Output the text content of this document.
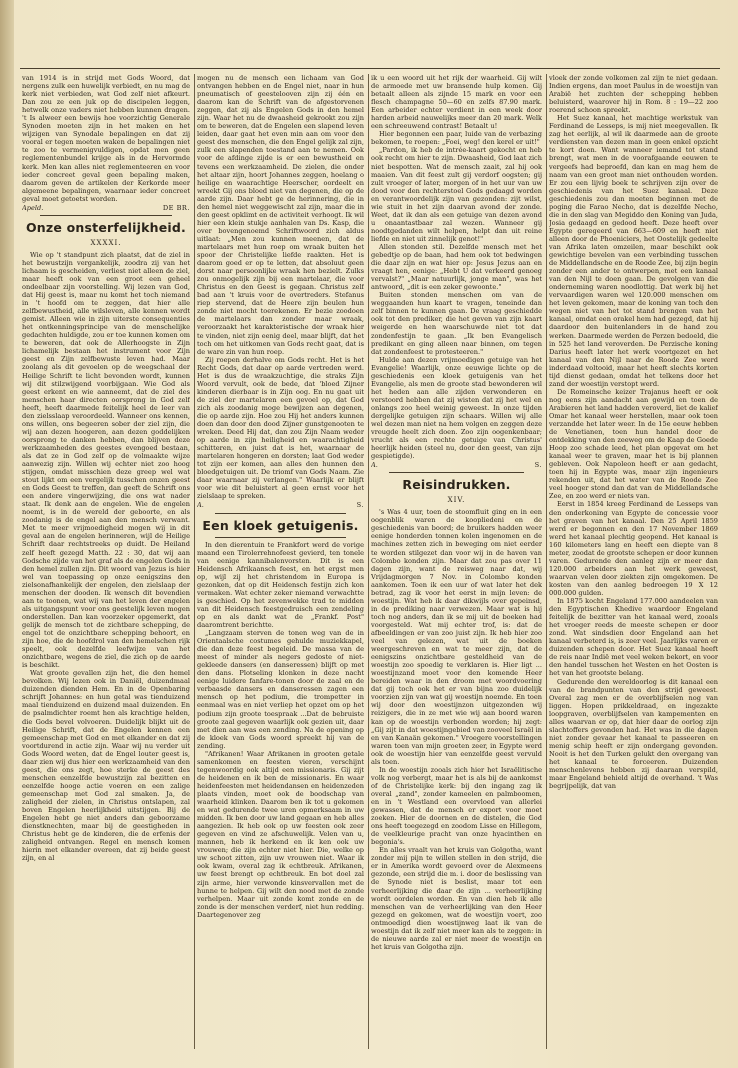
van 1914 is in strijd met Gods Woord, dat nergens zulk een huwelijk verbiedt, en nu mag de kerk niet verbieden, wat God zelf niet afkeurt. Dan zou ze een juk op de discipelen leggen, hetwelk onze vaders niet hebben kunnen dragen. 't Is alweer een bewijs hoe voorzichtig Generale Synoden moeten zijn in het maken en het wijzigen van Synodale bepalingen en dat zij vooral er tegen moeten waken de bepalingen niet te zoo te vermenigvuldigen, opdat men geen reglementenbundel krijge als in de Hervormde kerk. Men kan alles niet reglementeeren en voor ieder concreet geval geen bepaling maken, daarom geven de artikelen der Kerkorde meer algemeene bepalingen, waarnaar ieder concreet geval moet getoetst worden.

Apeld.	DE BR.
Onze onsterfelijkheid.
XXXXI.

Wie op 't standpunt zich plaatst, dat de ziel in het bewustzijn vergankelijk, zoodra zij van het lichaam is gescheiden, verliest niet alleen de ziel, maar heeft ook van een groot een geheel ondeelbaar zijn voorstelling. Wij lezen van God, dat Hij geest is, maar nu komt het toch niemand in 't hoofd om te zeggen, dat hier alle zelfbewustheid, alle wilsleven, alle kennen wordt gemist. Alleen wie in zijn uiterste consequenties het ontkenningsprincipe van de menschelijke gedachten huldigde, zou er toe kunnen komen om te beweren, dat ook de Allerhoogste in Zijn lichamelijk bestaan het instrument voor Zijn geest en Zijn zelfbewuste leven had. Maar zoolang als dit gevoelen op de weegschaal der Heilige Schrift te licht bevonden wordt, kunnen wij dit stilzwijgend voorbijgaan. Wie God als geest erkent en wie aanneemt, dat de ziel des menschen haar directen oorsprong in God zelf heeft, heeft daarmede feitelijk heel de leer van den zielsslaap veroordeeld. Wanneer ons kennen, ons willen, ons begeeren sober der ziel zijn, die wij aan dezen hoogeren, aan dezen goddelijken oorsprong te danken hebben, dan blijven deze werkzaamheden des geestes evengoed bestaan, als dat ze in God zelf op de volmaakte wijze aanwezig zijn. Willen wij echter niet zoo hoog stijgen, omdat misschien deze greep wel wat stout lijkt om een vergelijk tusschen onzen geest en Gods Geest te treffen, dan geeft de Schrift ons een andere vingerwijzing, die ons wat nader staat. Ik denk aan de engelen. Wie de engelen noemt, is in de wereld der geboorte, en als zoodanig is de engel aan den mensch verwant. Met te meer vrijmoedigheid mogen wij in dit geval aan de engelen herinneren, wijl de Heilige Schrift daar rechtstreeks op duidt. De Heiland zelf heeft gezegd Matth. 22 : 30, dat wij aan Godsche zijde van het graf als de engelen Gods in den hemel zullen zijn. Dit woord van Jezus is hier wel van toepassing op onze eenigszins den zielsonafhankelijk der engelen, den zielslaap der menschen der dooden. Ik wensch dit bovendien aan te toonen, wat wij van het leven der engelen als uitgangspunt voor ons geestelijk leven mogen onderstellen. Dan kan voorzeker opgemerkt, dat gelijk de mensch tot de zichtbare schepping, de engel tot de onzichtbare schepping behoort, en zijn hoe, die de hoofdrol van den hemelschen rijk speelt, ook dezelfde leefwijze van het onzichtbare, wegens de ziel, die zich op de aarde is beschikt.

Wat groote gevallen zijn het, die den hemel bevolken. Wij lezen ook in Daniël, duizendmaal duizenden dienden Hem. En in de Openbaring schrijft Johannes: en hun getal was tienduizend maal tienduizend en duizend maal duizenden. En de psalmdichter roemt hen als krachtige helden, die Gods bevel volvoeren. Duidelijk blijkt uit de Heilige Schrift, dat de Engelen kennen een gemeenschap met God en met elkander en dat zij voortdurend in actie zijn. Waar wij nu verder uit Gods Woord weten, dat de Engel louter geest is, daar zien wij dus hier een werkzaamheid van den geest, die ons zegt, hoe sterke de geest des menschen eenzelfde bewustzijn zal bezitten en eenzelfde hooge actie voeren en een zalige gemeenschap met God zal smaken. Ja, de zaligheid der zielen, in Christus ontslapen, zal boven Engelen heerlijkheid uitstijgen. Bij de Engelen hebt ge niet anders dan geboorzame dienstknechten, maar bij de geestigheden in Christus hebt ge de kinderen, die de erfenis der zaligheid ontvangen. Regel en mensch komen hierin met elkander overeen, dat zij beide geest zijn, en al

mogen nu de mensch een lichaam van God ontvangen hebben en de Engel niet, naar in hun pneumatisch of geestelooven zijn zij één en daarom kan de Schrift van de afgestorvenen zeggen, dat zij als Engelen Gods in den hemel zijn. Waar het nu de dwaasheid gekrookt zou zijn om te beweren, dat de Engelen een slapend leven leiden, daar gaat het even min aan om voor den geest des menschen, die den Engel gelijk zal zijn, zulk een slapenden toestand aan te nemen. Ook voor de afdinge zijde is er een bewustheid en tevens een werkzaamheid. De zielen, die onder het altaar zijn, hoort Johannes zeggen, hoelang o heilige en waarachtige Heerscher, oordeelt en wreekt Gij ons bloed niet van degenen, die op de aarde zijn. Daar hebt ge de herinnering, die in den hemel niet weggewischt zal zijn, maar die in den geest opklimt en de activiteit verhoogt. Ik wil hier een klein stukje aanhalen van Ds. Kasp, die over bovengenoemd Schriftwoord zich aldus uitlaat: „Men zou kunnen meenen, dat de martelaars met hun roep om wraak buiten het spoor der Christelijke liefde raakten. Het is daarom goed er op te letten, dat absoluut geen dorst naar persoonlijke wraak hen bezielt. Zulks zou onmogelijk zijn bij een martelaar, die voor Christus en den Geest is gegaan. Christus zelf bad aan 't kruis voor de overtreders. Stefanus riep stervend, dat de Heere zijn beulen hun zonde niet mocht toerekenen. Er bezie zoodoen de martelaars dan zonder maar wraak, veroorzaakt het karakteristische der wraak hier te vinden, niet zijn eenig deel, maar blijft, dat het toch om het uitkomen van Gods recht gaat, dat is de ware zin van hun roep.

Zij roepen derhalve om Gods recht. Het is het Recht Gods, dat daar op aarde vertreden werd. Het is dus de wraakzuchtige, die straks Zijn Woord vervult, ook de bede, dat 'bloed Zijner kinderen dierbaar is in Zijn oog. En nu gaat uit de ziel der martelaren een gevoel op, dat God zich als zoodanig moge bewijzen aan degenen, die op aarde zijn. Hoe zou Hij het anders kunnen doen dan door den dood Zijner gunstgenooten te wreken. Deed Hij dat, dan zou Zijn Naam weder op aarde in zijn heiligheid en waarachtigheid schitteren, en juist dat is het, waarnaar de martelaren hongeren en dorsten; laat God weder tot zijn eer komen, aan alles den hunnen den bloedgetuigen uit. De triomf van Gods Naam. Zie daar waarnaar zij verlangen." Waarlijk er blijft voor wie dit beluistert al geen ernst voor het zielslaap te spreken.

A.	S.
Een kloek getuigenis.

In den dierentuin te Frankfort werd de vorige maand een Tirolerrehnofeest gevierd, ten tonele van eenige kannibalenvorsten. Dit is een Heidensch Afrikaansch feest, en het ergst men op, wijl zij het christendom in Europa is gezonken, dat op dit Heidensch festijn zich kon vermaken. Wat echter zeker niemand verwachtte is geschied. Op het zevenwekke trad te midden van dit Heidensch feestgedruisch een zendeling op en als dankt wat de „Frankf. Post" daaromtrent berichtte.

„Langzaam sterven de tonen weg van de in Orientaalsche costumes gehulde muziekkapel, die dan deze feest begeleid. De massa van de meest of minder als negers gedoste of niet-gekleede dansers (en danseressen) blijft op met den dans. Plotseling klonken in deze nacht eenige luidere fanfare-tonen door de zaal en de verbaasde dansers en danseressen zagen een mensch op het podium, die trompetter in eenmaal was en niet verliep het opzet om op het podium zijn groote toespraak ...Dat de bebruiste groote zaal gegeven waarlijk ook gezien uit, daar met dien aan was een zending. Na de opening op de kloek van Gods woord spreekt hij van de zending.

"Afrikanen! Waar Afrikanen in grooten getale samenkomen en feesten vieren, verschijnt tegenwoordig ook altijd een missionaris. Gij zijt de heidenen en ik ben de missionaris. En waar heidenfeesten met heidendansen en heidenzeden plaats vinden, moet ook de boodschap van waarheid klinken. Daarom ben ik tot u gekomen en wat gedurende twee uren opmerksaam in uw midden. Ik ben door uw land gegaan en heb alles aangezien. Ik heb ook op uw feesten ook zeer gegeven en vind ze afschuwelijk. Velen van u, mannen, heb ik herkend en ik ken ook uw vrouwen; die zijn echter niet hier. Die, welke op uw schoot zitten, zijn uw vrouwen niet. Waar ik ook kwam, overal zag ik echtbreuk. Afrikanen, uw feest brengt op echtbreuk. En bot doel zal zijn arme, hier verwonde kinsvervallen met de hunne te helpen. Gij wilt den nood met de zonde verhelpen. Maar uit zonde komt zonde en de zonde is der menschen verderf, niet hun redding. Daartegenover zeg

ik u een woord uit het rijk der waarheid. Gij wilt de armoede met uw bransende hulp komen. Gij betaalt alleen als zijnde 15 mark en voor een flesch champagne 50—60 en zelfs 87.90 mark. Een arbeider echter verdient in een week door harden arbeid nauwelijks meer dan 20 mark. Welk een schreeuwend contrast! Betaalt u!

Hier begonnen een paar, luide van de verbazing bekomen, te roepen: „Foei, weg! den kerel er uit!"

„Pardon, ik heb de intrée-kaart gekocht en heb ook recht om hier te zijn. Dwaasheid, God laat zich niet bespotten. Wat de mensch zaait, zal hij ook maaien. Van dit feest zult gij verdorf oogsten; gij zult vroeger of later, morgen of in het uur van uw dood voor den rechterstoel Gods gedaagd worden en verantwoordelijk zijn van gezonden: zijt wilst, wie stuit in het zijn daarvan avond der zonde. Weet, dat ik dan als een getuige van dezen avond u onaantastbaar zal wezen. Wanneer gij noodtgedanden wilt helpen, helpt dan uit reine liefde en niet uit zinnelijk genot!"

Allen stonden stil. Dezelfde mensch met het gebedtje op de baan, had hem ook tot bedwingen die daar zijn en wat hier op: Jesus Jezus aan en vraagt hen, eenige: „Hebt U dat verkeerd genoeg vervalst?" „Maar natuurlijk, jonge man", was het antwoord, „dit is een zeker gewoonte."

Buiten stonden menschen om van de weggaanden hun kaart te vragen, teneinde dan zelf binnen te kunnen gaan. De vraag geschiedde ook tot den prediker, die het geven van zijn kaart weigerde en hen waarschuwde niet tot dat zondenfestijn te gaan. „Ik ben Evangelisch predikant en ging alleen naar binnen, om tegen dat zondenfeest te protesteeren."

Hulde aan dezen vrijmoedigen getuige van het Evangelie! Waarlijk, onze eeuwige lichte op de geschiedenis een kloek getuigenis van het Evangelie, als men de groote stad bewonderen wil het heden aan alle zijden verwonderen en verstoord hebben dat zij wisten dat zij het wel en onlangs zoo heel weinig geweest. In onze tijden dergelijke getuigen zijn schaars. Willen wij alle wel dezen man niet na hem volgen en zeggen deze vreugde heelt zich doen. Zoo zijn oogenkenbaar; vrucht als een rechte getuige van Christus' heerlijk heiden (steel nu, door den geest, van zijn gespietigde).

A.	S.
Reisindrukken.
XIV.

's Was 4 uur, toen de stoomfluit ging en in een oogenblik waren de koopliedeni en de geschiedenis van boord; de bruikers hadden weer eenige honderden tonnen kolen ingenomen en de machines zetten zich in beweging om niet eerder te worden stilgezet dan voor wij in de haven van Colombo konden zijn. Maar dat zou pas over 11 dagen zijn, want de reisweg naar dat, wij Vrijdagmorgen 7 Nov. in Colombo konden aankomen. Toen ik een uur of wat later het dek betrad, zag ik voor het eerst in mijn leven: de woestijn. Wat heb ik daar dikwijls over gepeinsd, in de prediking naar verwezen. Maar wat is hij toch nog anders, dan ik se mij uit de boeken had voorgesteld. Wat mij echter trof, is: dat de afbeeldingen er van zoo juist zijn. Ik heb hier zoo veel van gelezen, wat uit de boeken weergeschreven en wat te meer zijn, dat de eenigszins onzichtbare gesteldheid van de woestijn zoo spoedig te verklaren is. Hier ligt ... woestijnzand moet voor den komende Heer bereiden waar in den droom met woordvoering dat gij toch ook het er van bijna zoo duidelijk voorzien zijn van wat gij woestijn noemde. En toen wij door den woestijnzon uitgezonden wij reizigers, die in ze met wie wij aan boord waren kan op de woestijn verbonden worden; hij zegt: „Gij zijt in dat woestijngebied van zooveel Israël in en van Kanaän gekomen." Vroegere voorstellingen waren toen van mijn groeten zeer, in Egypte werd ook de woestijn hier van eenzelfde geest vervuld als toen.

In de woestijn zooals zich hier het Israëlitische volk nog verbergt, maar het is als bij de aankomst of de Christelijke kerk: bij den ingang zag ik overal „zand", zonder kameelen en palmboomen, en in 't Westland een overvloed van allerlei gewassen, dat de mensch er export voor moet zoeken. Hier de doornen en de distelen, die God ons heeft toegezegd en zoodom Lisse en Hillegom, de veelkleurige pracht van onze hyacinthen en begonia's.

En alles vraalt van het kruis van Golgotha, want zonder mij pijn te willen stellen in den strijd, die er in Amerika wordt gevoerd over de Alexmeens gezonde, een strijd die m. i. door de beslissing van de Synode niet is beslist, maar tot een verheerlijking die daar de zijn ... verheerlijking wordt oordelen worden. En van dien heb ik alle menschen van de verheerlijking van den Heer gezegd en gekomen, wat de woestijn voert, zoo ontmoedigd dien woestijnweg laat ik van de woestijn dat ik zelf niet meer kan als te zeggen: in de nieuwe aarde zal er niet meer de woestijn en het kruis van Golgotha zijn.

vloek der zonde volkomen zal zijn te niet gedaan. Indien ergens, dan moet Paulus in de woestijn van Arabië het zuchten der schepping hebben beluisterd, waarover hij in Rom. 8 : 19—22 zoo roerend schoon spreekt.

Het Suez kanaal, het machtige werkstuk van Ferdinand de Lesseps, is mij niet meegevallen. Ik zag het eerlijk, al wil ik daarmede aan de groote verdiensten van dezen man in geen enkel opzicht te kort doen. Want wanneer iemand tot stand brengt, wat men in de voorafgaande eeuwen te vergeefs had beproefd, dan kan en mag hem de naam van een groot man niet onthouden worden. Er zou een lijvig boek te schrijven zijn over de geschiedenis van het Suez kanaal. Deze geschiedenis zou dan moeten beginnen met de poging die Farao Necho, dat is dezelfde Necho, die in den slag van Megiddo den Koning van Juda, Josia gedaagd en gedood heeft. Deze heeft over Egypte geregeerd van 663—609 en heeft niet alleen door de Phoeniciers, het Oostelijk gedeelte van Afrika laten omzeilen, maar beschikt ook gewichtige bevelen van een verbinding tusschen de Middellandsche en de Roode Zee, bij zijn begin zonder een ander te ontwerpen, met een kanaal van den Nijl te doen gaan. De gevolgen van die onderneming waren noodlottig. Dat werk bij het vervaardigen waren wel 120.000 menschen om het leven gekomen, maar de koning van toch den wegen niet van het tot stand brengen van het kanaal, omdat een orakel hem had gezegd, dat hij daardoor den buitenlanders in de hand zou werken. Daarmede werden de Perzen bedoeld, die in 525 het land veroverden. De Perzische koning Darius heeft later het werk voortgezet en het kanaal van den Nijl naar de Roode Zee werd inderdaad voltooid, maar het heeft slechts korten tijd dienst gedaan, omdat het telkens door het zand der woestijn verstopt werd.

De Romeinsche keizer Trajanus heeft er ook nog eens zijn aandacht aan gewijd en toen de Arabieren het land hadden veroverd, liet de kalief Omar het kanaal weer herstellen, maar ook toen verzandde het later weer. In de 15e eeuw hebben de Venetianen, toen hun handel door de ontdekking van den zeeweg om de Kaap de Goede Hoop zoo schade leed, het plan opgevat om het kanaal weer te graven, maar het is bij plannen gebleven. Ook Napoleon heeft er aan gedacht, toen hij in Egypte was, maar zijn ingenieurs rekenden uit, dat het water van de Roode Zee veel hooger stond dan dat van de Middellandsche Zee, en zoo werd er niets van.

Eerst in 1854 kreeg Ferdinand de Lesseps van den onderkoning van Egypte de concessie voor het graven van het kanaal. Den 25 April 1859 werd er begonnen en den 17 November 1869 werd het kanaal plechtig geopend. Het kanaal is 160 kilometers lang en heeft een diepte van 8 meter, zoodat de grootste schepen er door kunnen varen. Gedurende den aanleg zijn er meer dan 120.000 arbeiders aan het werk geweest, waarvan velen door ziekten zijn omgekomen. De kosten van den aanleg bedroegen 19 X 12 000.000 gulden.

In 1875 kocht Engeland 177.000 aandeelen van den Egyptischen Khedive waardoor Engeland feitelijk de bezitter van het kanaal werd, zooals het vroeger reeds de meeste schepen er door zond. Wat sindsdien door Engeland aan het kanaal verbeterd is, is zeer veel. Jaarlijks varen er duizenden schepen door. Het Suez kanaal heeft de reis naar Indië met veel weken bekort, en voor den handel tusschen het Westen en het Oosten is het van het grootste belang.

Gedurende den wereldoorlog is dit kanaal een van de brandpunten van den strijd geweest. Overal zag men er de overblijfselen nog van liggen. Hopen prikkeldraad, en ingezakte loopgraven, overblijfselen van kampementen en alles waarvan er op, dat hier daar de oorlog zijn slachtoffers gevonden had. Het was in die dagen niet zonder gevaar het kanaal te passeeren en menig schip heeft er zijn ondergang gevonden. Nooit is het den Turken gelukt den overgang van het kanaal te forceeren. Duizenden menschenlevens hebben zij daaraan verspild, maar Engeland behield altijd de overhand. 't Was begrijpelijk, dat van
